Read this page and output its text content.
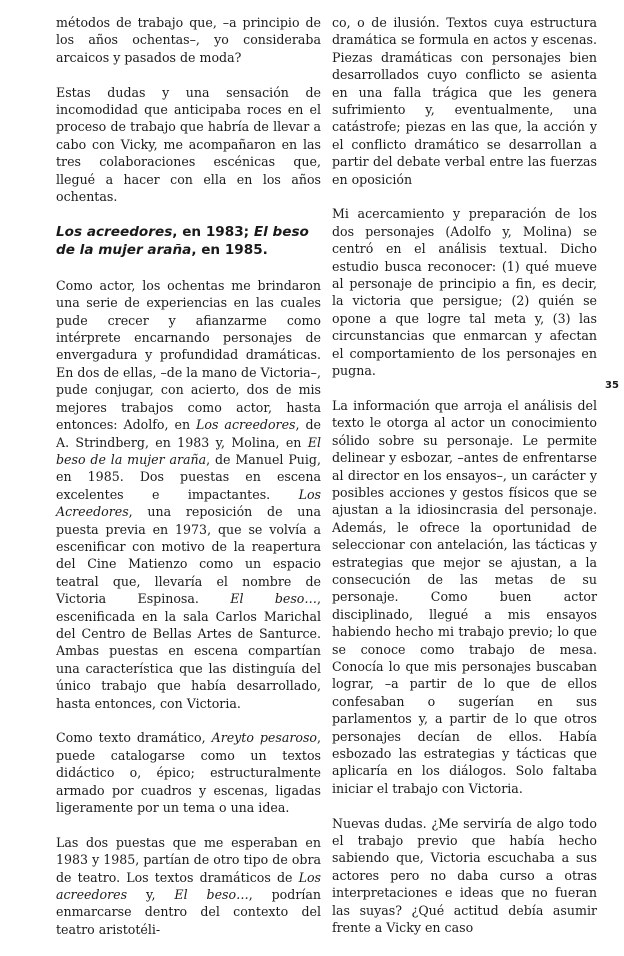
métodos de trabajo que, –a principio de los años ochentas–, yo consideraba arcaicos y pasados de moda?

Estas dudas y una sensación de incomodidad que anticipaba roces en el proceso de trabajo que habría de llevar a cabo con Vicky, me acompañaron en las tres colaboraciones escénicas que, llegué a hacer con ella en los años ochentas.

Los acreedores, en 1983; El beso de la mujer araña, en 1985.

Como actor, los ochentas me brindaron una serie de experiencias en las cuales pude crecer y afianzarme como intérprete encarnando personajes de envergadura y profundidad dramáticas. En dos de ellas, –de la mano de Victoria–, pude conjugar, con acierto, dos de mis mejores trabajos como actor, hasta entonces: Adolfo, en Los acreedores, de A. Strindberg, en 1983 y, Molina, en El beso de la mujer araña, de Manuel Puig, en 1985. Dos puestas en escena excelentes e impactantes. Los Acreedores, una reposición de una puesta previa en 1973, que se volvía a escenificar con motivo de la reapertura del Cine Matienzo como un espacio teatral que, llevaría el nombre de Victoria Espinosa. El beso…, escenificada en la sala Carlos Marichal del Centro de Bellas Artes de Santurce. Ambas puestas en escena compartían una característica que las distinguía del único trabajo que había desarrollado, hasta entonces, con Victoria.

Como texto dramático, Areyto pesaroso, puede catalogarse como un textos didáctico o, épico; estructuralmente armado por cuadros y escenas, ligadas ligeramente por un tema o una idea.

Las dos puestas que me esperaban en 1983 y 1985, partían de otro tipo de obra de teatro. Los textos dramáticos de Los acreedores y, El beso…, podrían enmarcarse dentro del contexto del teatro aristotéli-

co, o de ilusión. Textos cuya estructura dramática se formula en actos y escenas. Piezas dramáticas con personajes bien desarrollados cuyo conflicto se asienta en una falla trágica que les genera sufrimiento y, eventualmente, una catástrofe; piezas en las que, la acción y el conflicto dramático se desarrollan a partir del debate verbal entre las fuerzas en oposición

Mi acercamiento y preparación de los dos personajes (Adolfo y, Molina) se centró en el análisis textual. Dicho estudio busca reconocer: (1) qué mueve al personaje de principio a fin, es decir, la victoria que persigue; (2) quién se opone a que logre tal meta y, (3) las circunstancias que enmarcan y afectan el comportamiento de los personajes en pugna.

La información que arroja el análisis del texto le otorga al actor un conocimiento sólido sobre su personaje. Le permite delinear y esbozar, –antes de enfrentarse al director en los ensayos–, un carácter y posibles acciones y gestos físicos que se ajustan a la idiosincrasia del personaje. Además, le ofrece la oportunidad de seleccionar con antelación, las tácticas y estrategias que mejor se ajustan, a la consecución de las metas de su personaje. Como buen actor disciplinado, llegué a mis ensayos habiendo hecho mi trabajo previo; lo que se conoce como trabajo de mesa. Conocía lo que mis personajes buscaban lograr, –a partir de lo que de ellos confesaban o sugerían en sus parlamentos y, a partir de lo que otros personajes decían de ellos. Había esbozado las estrategias y tácticas que aplicaría en los diálogos. Solo faltaba iniciar el trabajo con Victoria.

Nuevas dudas. ¿Me serviría de algo todo el trabajo previo que había hecho sabiendo que, Victoria escuchaba a sus actores pero no daba curso a otras interpretaciones e ideas que no fueran las suyas? ¿Qué actitud debía asumir frente a Vicky en caso

35
